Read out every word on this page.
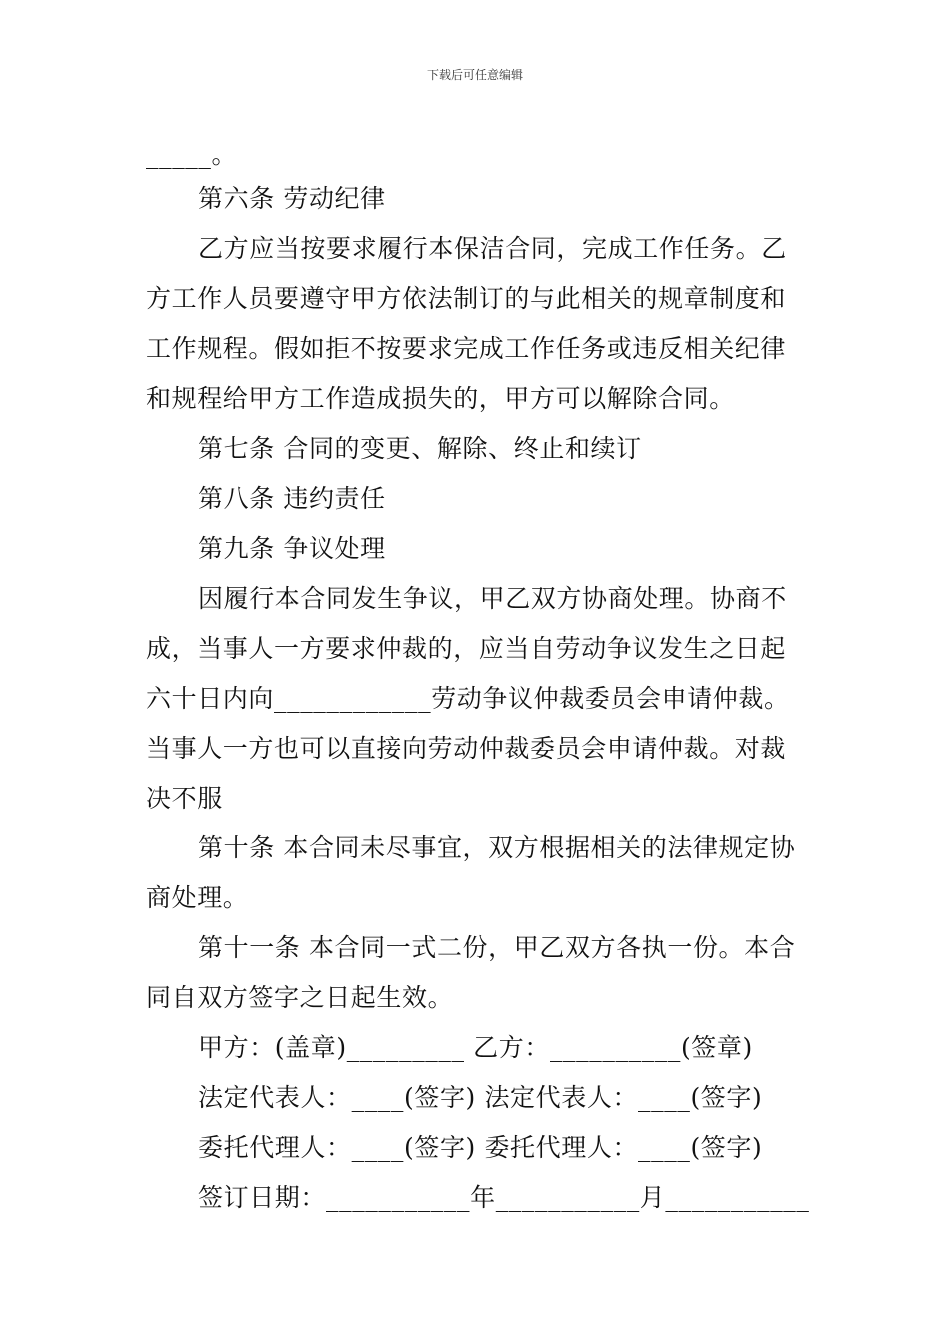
下载后可任意编辑
_____。
第六条 劳动纪律
乙方应当按要求履行本保洁合同，完成工作任务。乙
方工作人员要遵守甲方依法制订的与此相关的规章制度和
工作规程。假如拒不按要求完成工作任务或违反相关纪律
和规程给甲方工作造成损失的，甲方可以解除合同。
第七条 合同的变更、解除、终止和续订
第八条 违约责任
第九条 争议处理
因履行本合同发生争议，甲乙双方协商处理。协商不
成，当事人一方要求仲裁的，应当自劳动争议发生之日起
六十日内向____________劳动争议仲裁委员会申请仲裁。
当事人一方也可以直接向劳动仲裁委员会申请仲裁。对裁
决不服
第十条 本合同未尽事宜，双方根据相关的法律规定协
商处理。
第十一条 本合同一式二份，甲乙双方各执一份。本合
同自双方签字之日起生效。
甲方：(盖章)_________ 乙方：__________(签章)
法定代表人：____(签字) 法定代表人：____(签字)
委托代理人：____(签字) 委托代理人：____(签字)
签订日期：___________年___________月___________
